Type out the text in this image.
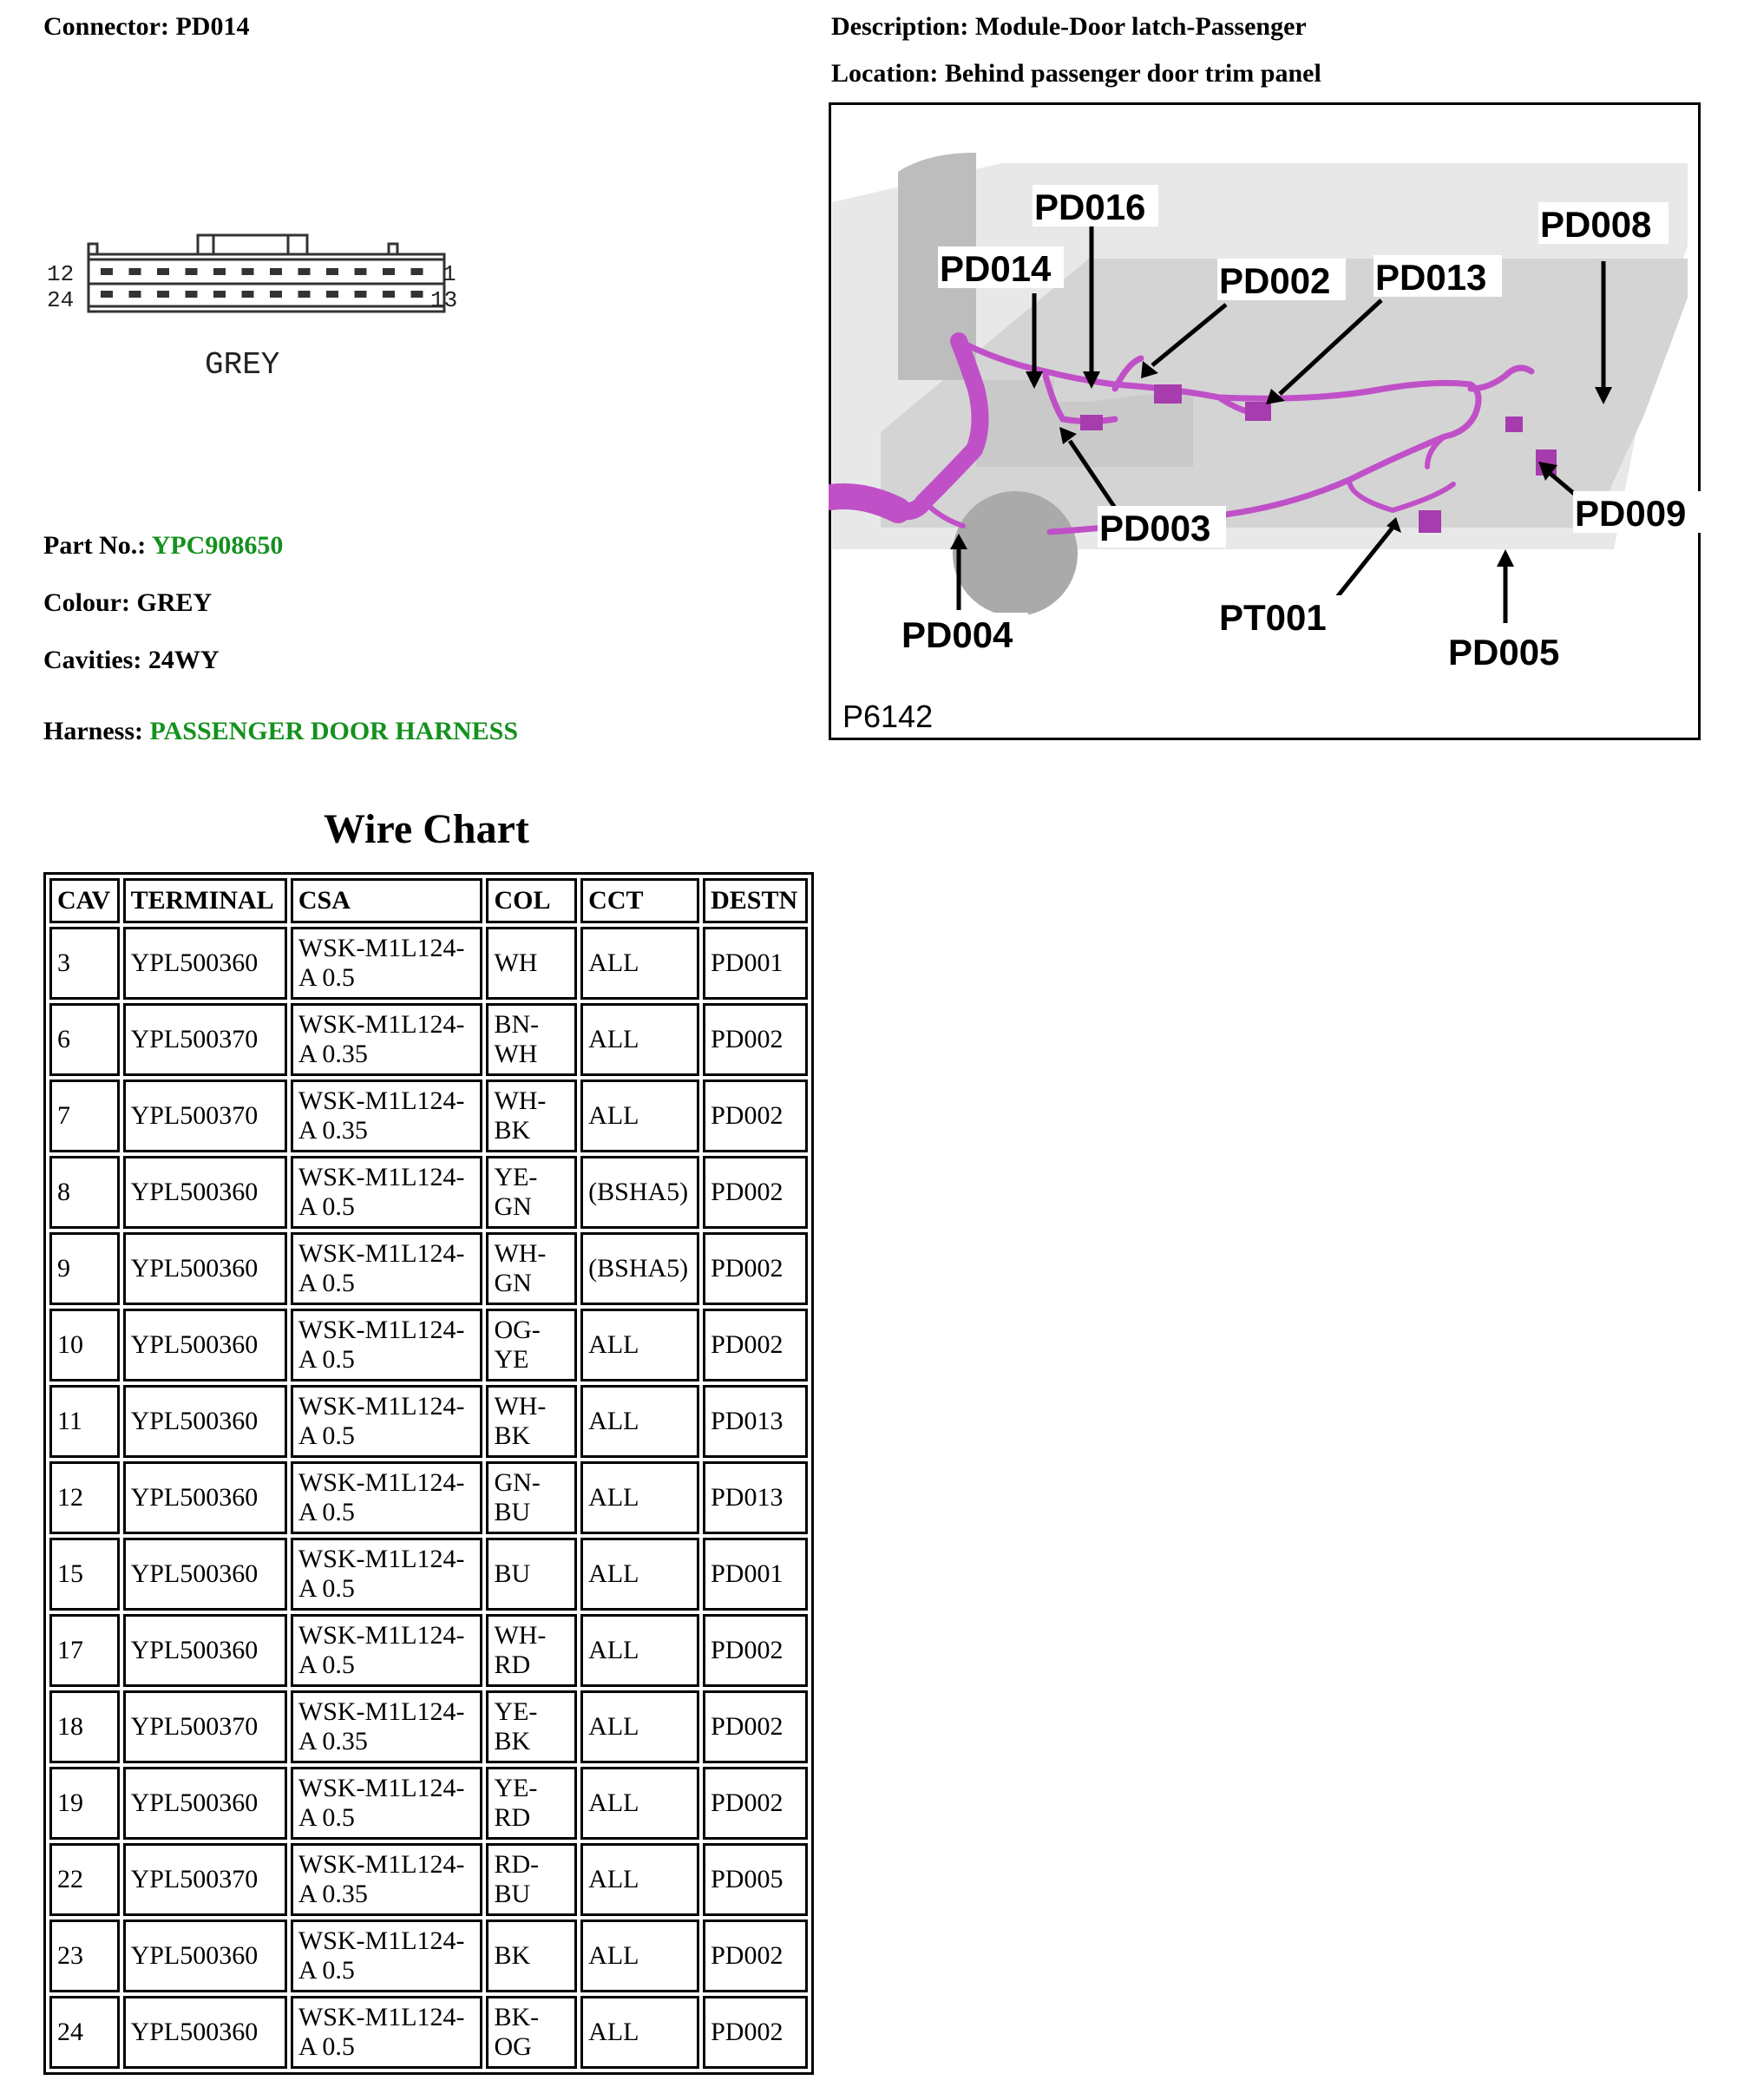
Connector: PD014	Description: Module-Door latch-Passenger
Location: Behind passenger door trim panel
12
24
1
13
GREY
PD016
PD014	PD002 PD013
PD008
PD003	PD009
PD004	PT001
PD005
P6142
Part No.: YPC908650
Colour: GREY
Cavities: 24WY
Harness: PASSENGER DOOR HARNESS
Wire Chart
CAV	TERMINAL	CSA	COL	CCT	DESTN
3	YPL500360	WSK-M1L124-A 0.5	WH	ALL	PD001
6	YPL500370	WSK-M1L124-A 0.35	BN-WH	ALL	PD002
7	YPL500370	WSK-M1L124-A 0.35	WH-BK	ALL	PD002
8	YPL500360	WSK-M1L124-A 0.5	YE-GN	(BSHA5)	PD002
9	YPL500360	WSK-M1L124-A 0.5	WH-GN	(BSHA5)	PD002
10	YPL500360	WSK-M1L124-A 0.5	OG-YE	ALL	PD002
11	YPL500360	WSK-M1L124-A 0.5	WH-BK	ALL	PD013
12	YPL500360	WSK-M1L124-A 0.5	GN-BU	ALL	PD013
15	YPL500360	WSK-M1L124-A 0.5	BU	ALL	PD001
17	YPL500360	WSK-M1L124-A 0.5	WH-RD	ALL	PD002
18	YPL500370	WSK-M1L124-A 0.35	YE-BK	ALL	PD002
19	YPL500360	WSK-M1L124-A 0.5	YE-RD	ALL	PD002
22	YPL500370	WSK-M1L124-A 0.35	RD-BU	ALL	PD005
23	YPL500360	WSK-M1L124-A 0.5	BK	ALL	PD002
24	YPL500360	WSK-M1L124-A 0.5	BK-OG	ALL	PD002
